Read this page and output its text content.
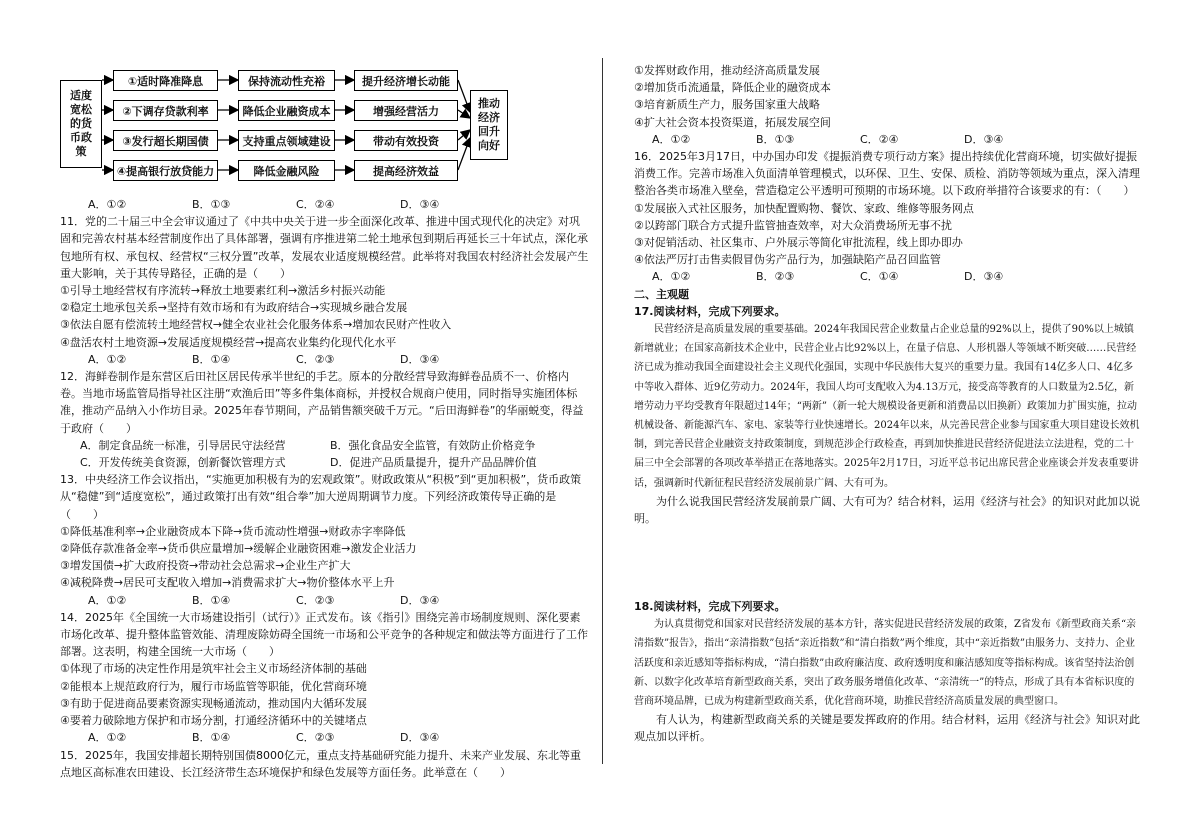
适度宽松的货币政策
①适时降准降息
②下调存贷款利率
③发行超长期国债
④提高银行放贷能力
保持流动性充裕
降低企业融资成本
支持重点领域建设
降低金融风险
提升经济增长动能
增强经营活力
带动有效投资
提高经济效益
推动经济回升向好
A．①②	B．①③	C．②④	D．③④

11．党的二十届三中全会审议通过了《中共中央关于进一步全面深化改革、推进中国式现代化的决定》对巩固和完善农村基本经营制度作出了具体部署，强调有序推进第二轮土地承包到期后再延长三十年试点，深化承包地所有权、承包权、经营权“三权分置”改革，发展农业适度规模经营。此举将对我国农村经济社会发展产生重大影响，关于其传导路径，正确的是（　　）

①引导土地经营权有序流转→释放土地要素红利→激活乡村振兴动能

②稳定土地承包关系→坚持有效市场和有为政府结合→实现城乡融合发展

③依法自愿有偿流转土地经营权→健全农业社会化服务体系→增加农民财产性收入

④盘活农村土地资源→发展适度规模经营→提高农业集约化现代化水平

A．①②	B．①④	C．②③	D．③④

12．海鲜卷制作是东营区后田社区居民传承半世纪的手艺。原本的分散经营导致海鲜卷品质不一、价格内卷。当地市场监管局指导社区注册“欢渔后田”等多件集体商标，并授权合规商户使用，同时指导实施团体标准，推动产品纳入小作坊目录。2025年春节期间，产品销售额突破千万元。“后田海鲜卷”的华丽蜕变，得益于政府（　　）

A．制定食品统一标准，引导居民守法经营	B．强化食品安全监管，有效防止价格竞争
C．开发传统美食资源，创新餐饮管理方式	D．促进产品质量提升，提升产品品牌价值

13．中央经济工作会议指出，“实施更加积极有为的宏观政策”。财政政策从“积极”到“更加积极”，货币政策从“稳健”到“适度宽松”，通过政策打出有效“组合拳”加大逆周期调节力度。下列经济政策传导正确的是（　　）

①降低基准利率→企业融资成本下降→货币流动性增强→财政赤字率降低

②降低存款准备金率→货币供应量增加→缓解企业融资困难→激发企业活力

③增发国债→扩大政府投资→带动社会总需求→企业生产扩大

④减税降费→居民可支配收入增加→消费需求扩大→物价整体水平上升

A．①②	B．①④	C．②③	D．③④

14．2025年《全国统一大市场建设指引（试行）》正式发布。该《指引》围绕完善市场制度规则、深化要素市场化改革、提升整体监管效能、清理废除妨碍全国统一市场和公平竞争的各种规定和做法等方面进行了工作部署。这表明，构建全国统一大市场（　　）

①体现了市场的决定性作用是筑牢社会主义市场经济体制的基础

②能根本上规范政府行为，履行市场监管等职能，优化营商环境

③有助于促进商品要素资源实现畅通流动，推动国内大循环发展

④要着力破除地方保护和市场分割，打通经济循环中的关键堵点

A．①②	B．①④	C．②③	D．③④

15．2025年，我国安排超长期特别国债8000亿元，重点支持基础研究能力提升、未来产业发展、东北等重点地区高标准农田建设、长江经济带生态环境保护和绿色发展等方面任务。此举意在（　　）

①发挥财政作用，推动经济高质量发展

②增加货币流通量，降低企业的融资成本

③培育新质生产力，服务国家重大战略

④扩大社会资本投资渠道，拓展发展空间

A．①②	B．①③	C．②④	D．③④

16．2025年3月17日，中办国办印发《提振消费专项行动方案》提出持续优化营商环境，切实做好提振消费工作。完善市场准入负面清单管理模式，以环保、卫生、安保、质检、消防等领域为重点，深入清理整治各类市场准入壁垒，营造稳定公平透明可预期的市场环境。以下政府举措符合该要求的有：（　　）

①发展嵌入式社区服务，加快配置购物、餐饮、家政、维修等服务网点

②以跨部门联合方式提升监管抽查效率，对大众消费场所无事不扰

③对促销活动、社区集市、户外展示等简化审批流程，线上即办即办

④依法严厉打击售卖假冒伪劣产品行为，加强缺陷产品召回监管

A．①②	B．②③	C．①④	D．③④

二、主观题

17.阅读材料，完成下列要求。

民营经济是高质量发展的重要基础。2024年我国民营企业数量占企业总量的92%以上，提供了90%以上城镇新增就业；在国家高新技术企业中，民营企业占比92%以上，在量子信息、人形机器人等领域不断突破……民营经济已成为推动我国全面建设社会主义现代化强国，实现中华民族伟大复兴的重要力量。我国有14亿多人口、4亿多中等收入群体、近9亿劳动力。2024年，我国人均可支配收入为4.13万元，接受高等教育的人口数量为2.5亿，新增劳动力平均受教育年限超过14年；“两新”（新一轮大规模设备更新和消费品以旧换新）政策加力扩围实施，拉动机械设备、新能源汽车、家电、家装等行业快速增长。2024年以来，从完善民营企业参与国家重大项目建设长效机制，到完善民营企业融资支持政策制度，到规范涉企行政检查，再到加快推进民营经济促进法立法进程，党的二十届三中全会部署的各项改革举措正在落地落实。2025年2月17日，习近平总书记出席民营企业座谈会并发表重要讲话，强调新时代新征程民营经济发展前景广阔、大有可为。

为什么说我国民营经济发展前景广阔、大有可为？结合材料，运用《经济与社会》的知识对此加以说明。

18.阅读材料，完成下列要求。

为认真贯彻党和国家对民营经济发展的基本方针，落实促进民营经济发展的政策，Z省发布《新型政商关系“亲清指数”报告》，指出“亲清指数”包括“亲近指数”和“清白指数”两个维度，其中“亲近指数”由服务力、支持力、企业活跃度和亲近感知等指标构成，“清白指数”由政府廉洁度、政府透明度和廉洁感知度等指标构成。该省坚持法治创新、以数字化改革培育新型政商关系，突出了政务服务增值化改革、“亲清统一”的特点，形成了具有本省标识度的营商环境品牌，已成为构建新型政商关系，优化营商环境，助推民营经济高质量发展的典型窗口。

有人认为，构建新型政商关系的关键是要发挥政府的作用。结合材料，运用《经济与社会》知识对此观点加以评析。
